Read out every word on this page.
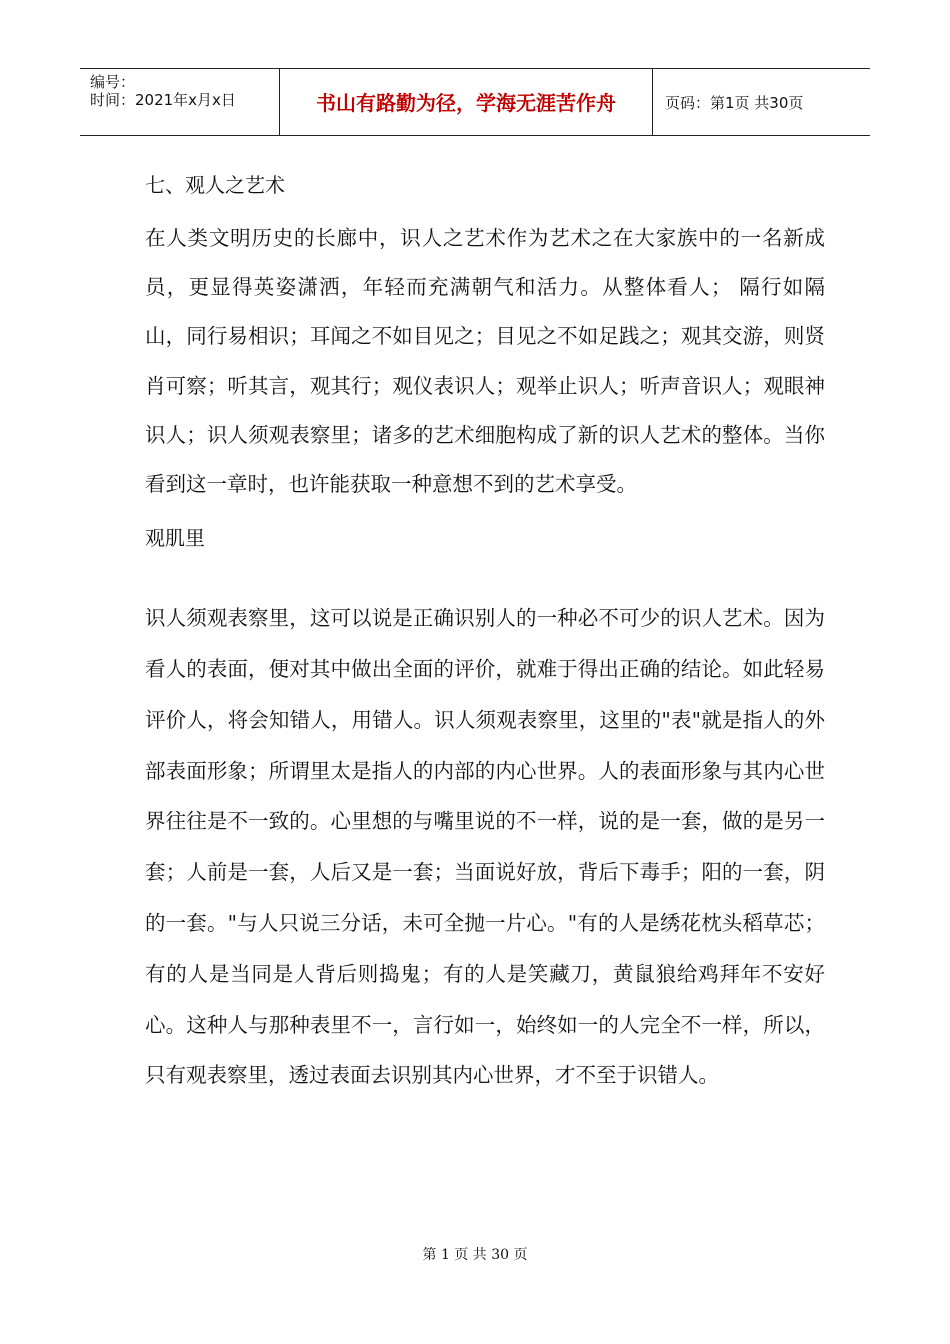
编号：
时间：2021年x月x日	书山有路勤为径，学海无涯苦作舟	页码：第1页 共30页

七、观人之艺术

在人类文明历史的长廊中，识人之艺术作为艺术之在大家族中的一名新成员，更显得英姿潇洒，年轻而充满朝气和活力。从整体看人； 隔行如隔山，同行易相识；耳闻之不如目见之；目见之不如足践之；观其交游，则贤肖可察；听其言，观其行；观仪表识人；观举止识人；听声音识人；观眼神识人；识人须观表察里；诸多的艺术细胞构成了新的识人艺术的整体。当你看到这一章时，也许能获取一种意想不到的艺术享受。

观肌里

识人须观表察里，这可以说是正确识别人的一种必不可少的识人艺术。因为看人的表面，便对其中做出全面的评价，就难于得出正确的结论。如此轻易评价人，将会知错人，用错人。识人须观表察里，这里的"表"就是指人的外部表面形象；所谓里太是指人的内部的内心世界。人的表面形象与其内心世界往往是不一致的。心里想的与嘴里说的不一样，说的是一套，做的是另一套；人前是一套，人后又是一套；当面说好放，背后下毒手；阳的一套，阴的一套。"与人只说三分话，未可全抛一片心。"有的人是绣花枕头稻草芯；有的人是当同是人背后则捣鬼；有的人是笑藏刀，黄鼠狼给鸡拜年不安好心。这种人与那种表里不一，言行如一，始终如一的人完全不一样，所以，只有观表察里，透过表面去识别其内心世界，才不至于识错人。

第 1 页 共 30 页
